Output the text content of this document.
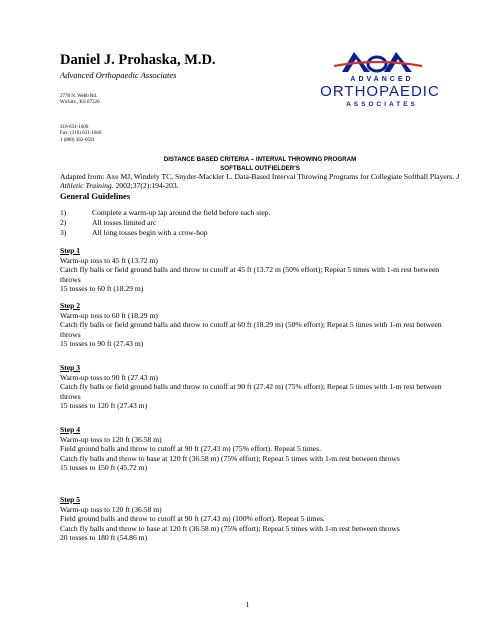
Daniel J. Prohaska, M.D.
Advanced Orthopaedic Associates
2778 N. Webb Rd.
Wichita , KS 67226
316-631-1600
Fax: (316) 631-1666
1 (800) 362-0591
ADVANCED
ORTHOPAEDIC
ASSOCIATES
DISTANCE BASED CRITERIA – INTERVAL THROWING PROGRAM
SOFTBALL OUTFIELDER'S
Adapted from: Axe MJ, Windely TC, Snyder-Mackler L. Data-Based Interval Throwing Programs for Collegiate Softball Players. J Athletic Training. 2002;37(2):194-203.
General Guidelines
1)	Complete a warm-up lap around the field before each step.
2)	All tosses limited arc
3)	All long tosses begin with a crow-hop
Step 1
Warm-up toss to 45 ft (13.72 m)
Catch fly balls or field ground balls and throw to cutoff at 45 ft (13.72 m (50% effort); Repeat 5 times with 1-m rest between throws
15 tosses to 60 ft (18.29 m)
Step 2
Warm-up toss to 60 ft (18.29 m)
Catch fly balls or field ground balls and throw to cutoff at 60 ft (18.29 m) (50% effort); Repeat 5 times with 1-m rest between throws
15 tosses to 90 ft (27.43 m)
Step 3
Warm-up toss to 90 ft (27.43 m)
Catch fly balls or field ground balls and throw to cutoff at 90 ft (27.42 m) (75% effort); Repeat 5 times with 1-m rest between throws
15 tosses to 120 ft (27.43 m)
Step 4
Warm-up toss to 120 ft (36.58 m)
Field ground balls and throw to cutoff at 90 ft (27.43 m) (75% effort). Repeat 5 times.
Catch fly balls and throw to base at 120 ft (36.58 m) (75% effort); Repeat 5 times with 1-m rest between throws
15 tosses to 150 ft (45.72 m)
Step 5
Warm-up toss to 120 ft (36.58 m)
Field ground balls and throw to cutoff at 90 ft (27.43 m) (100% effort). Repeat 5 times.
Catch fly balls and throw to base at 120 ft (36.58 m) (75% effort); Repeat 5 times with 1-m rest between throws
20 tosses to 180 ft (54.86 m)
1
